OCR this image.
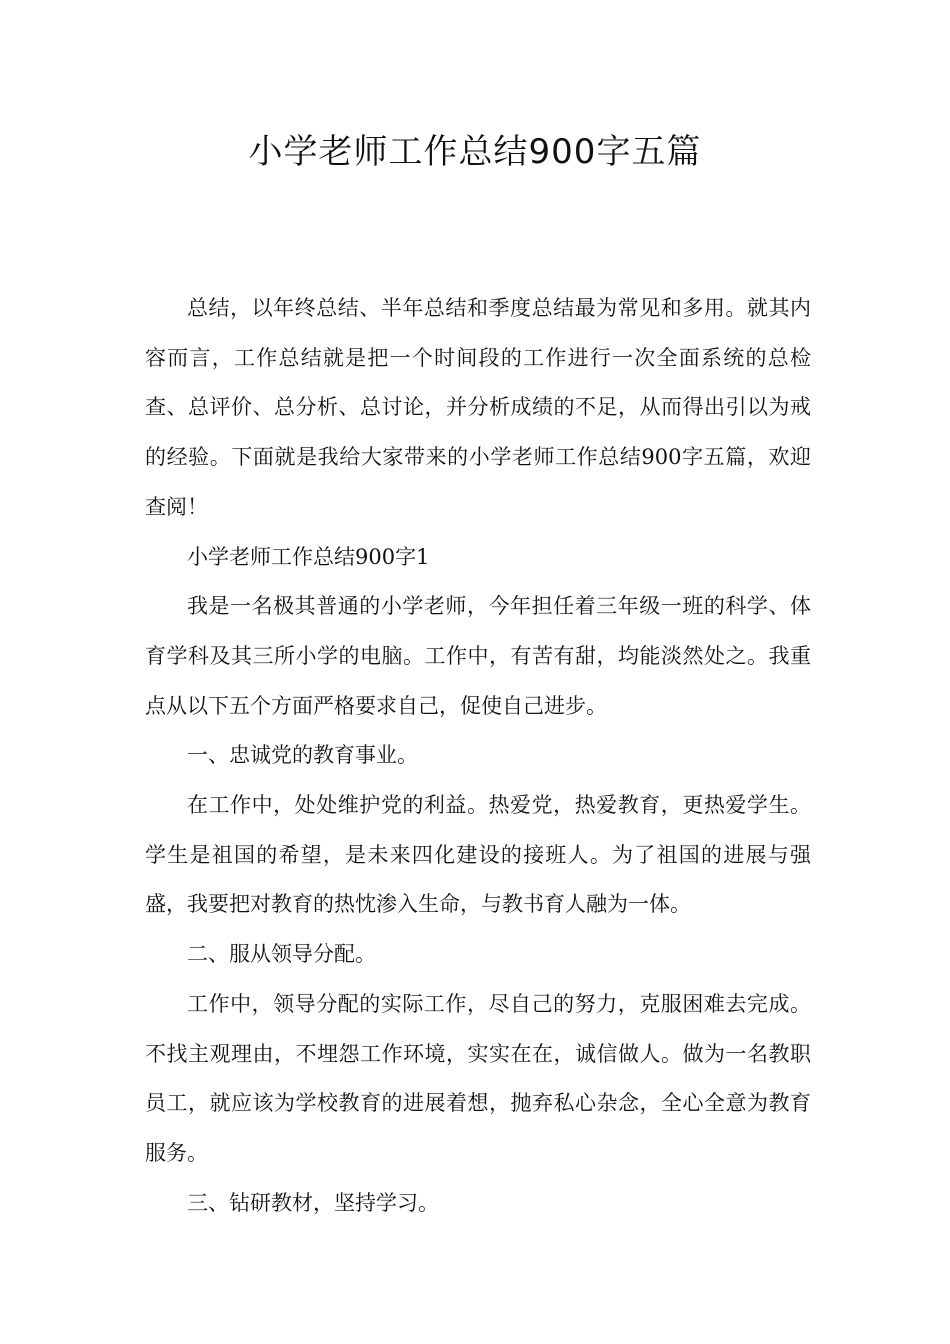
小学老师工作总结900字五篇

总结，以年终总结、半年总结和季度总结最为常见和多用。就其内容而言，工作总结就是把一个时间段的工作进行一次全面系统的总检查、总评价、总分析、总讨论，并分析成绩的不足，从而得出引以为戒的经验。下面就是我给大家带来的小学老师工作总结900字五篇，欢迎查阅！

小学老师工作总结900字1

我是一名极其普通的小学老师，今年担任着三年级一班的科学、体育学科及其三所小学的电脑。工作中，有苦有甜，均能淡然处之。我重点从以下五个方面严格要求自己，促使自己进步。

一、忠诚党的教育事业。

在工作中，处处维护党的利益。热爱党，热爱教育，更热爱学生。学生是祖国的希望，是未来四化建设的接班人。为了祖国的进展与强盛，我要把对教育的热忱渗入生命，与教书育人融为一体。

二、服从领导分配。

工作中，领导分配的实际工作，尽自己的努力，克服困难去完成。不找主观理由，不埋怨工作环境，实实在在，诚信做人。做为一名教职员工，就应该为学校教育的进展着想，抛弃私心杂念，全心全意为教育服务。

三、钻研教材，坚持学习。
